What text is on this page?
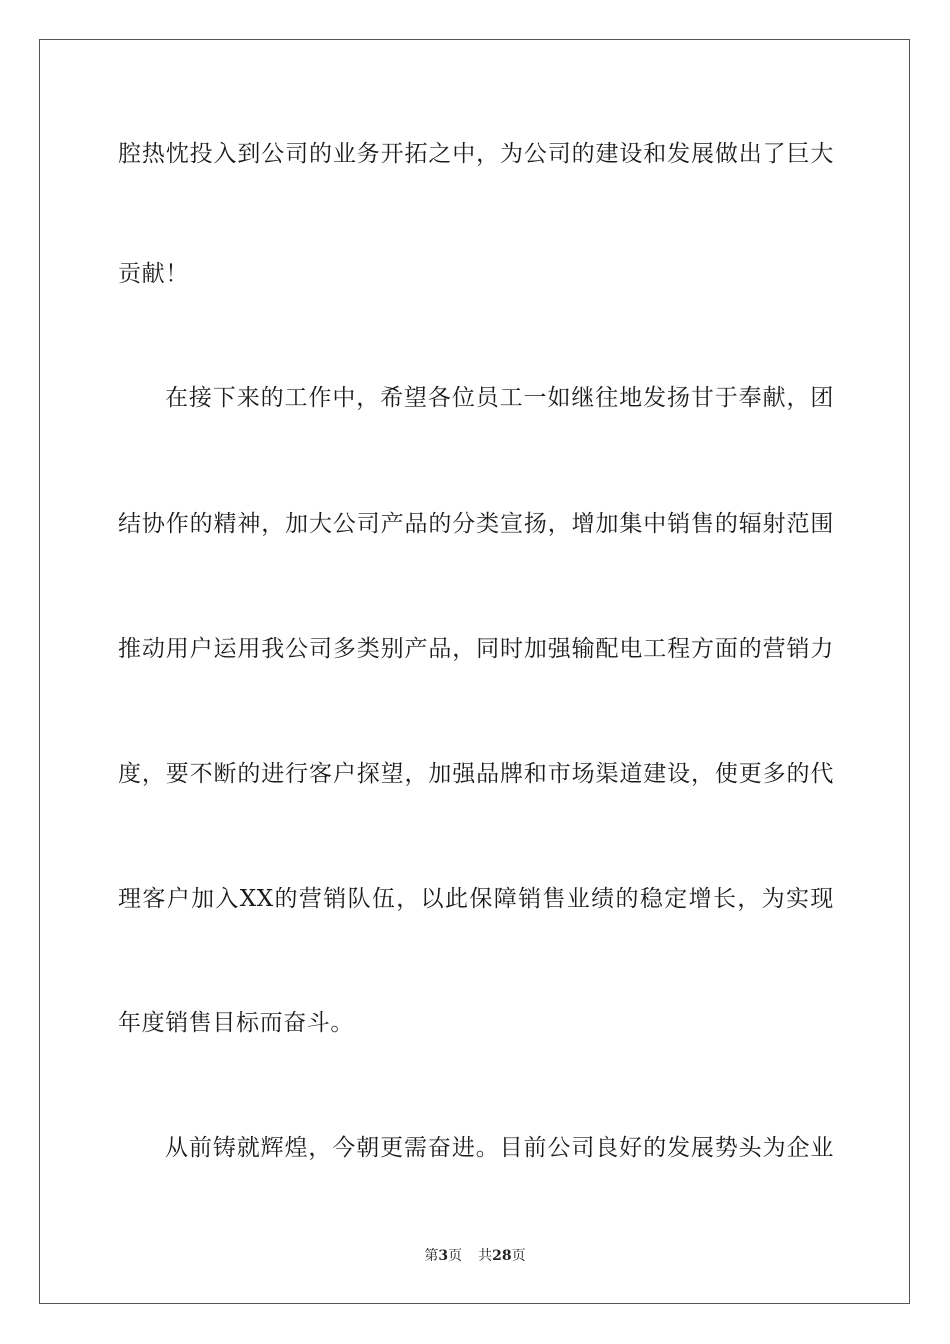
腔热忱投入到公司的业务开拓之中，为公司的建设和发展做出了巨大
贡献！
在接下来的工作中，希望各位员工一如继往地发扬甘于奉献，团
结协作的精神，加大公司产品的分类宣扬，增加集中销售的辐射范围
推动用户运用我公司多类别产品，同时加强输配电工程方面的营销力
度，要不断的进行客户探望，加强品牌和市场渠道建设，使更多的代
理客户加入XX的营销队伍，以此保障销售业绩的稳定增长，为实现
年度销售目标而奋斗。
从前铸就辉煌，今朝更需奋进。目前公司良好的发展势头为企业
第3页 共28页
